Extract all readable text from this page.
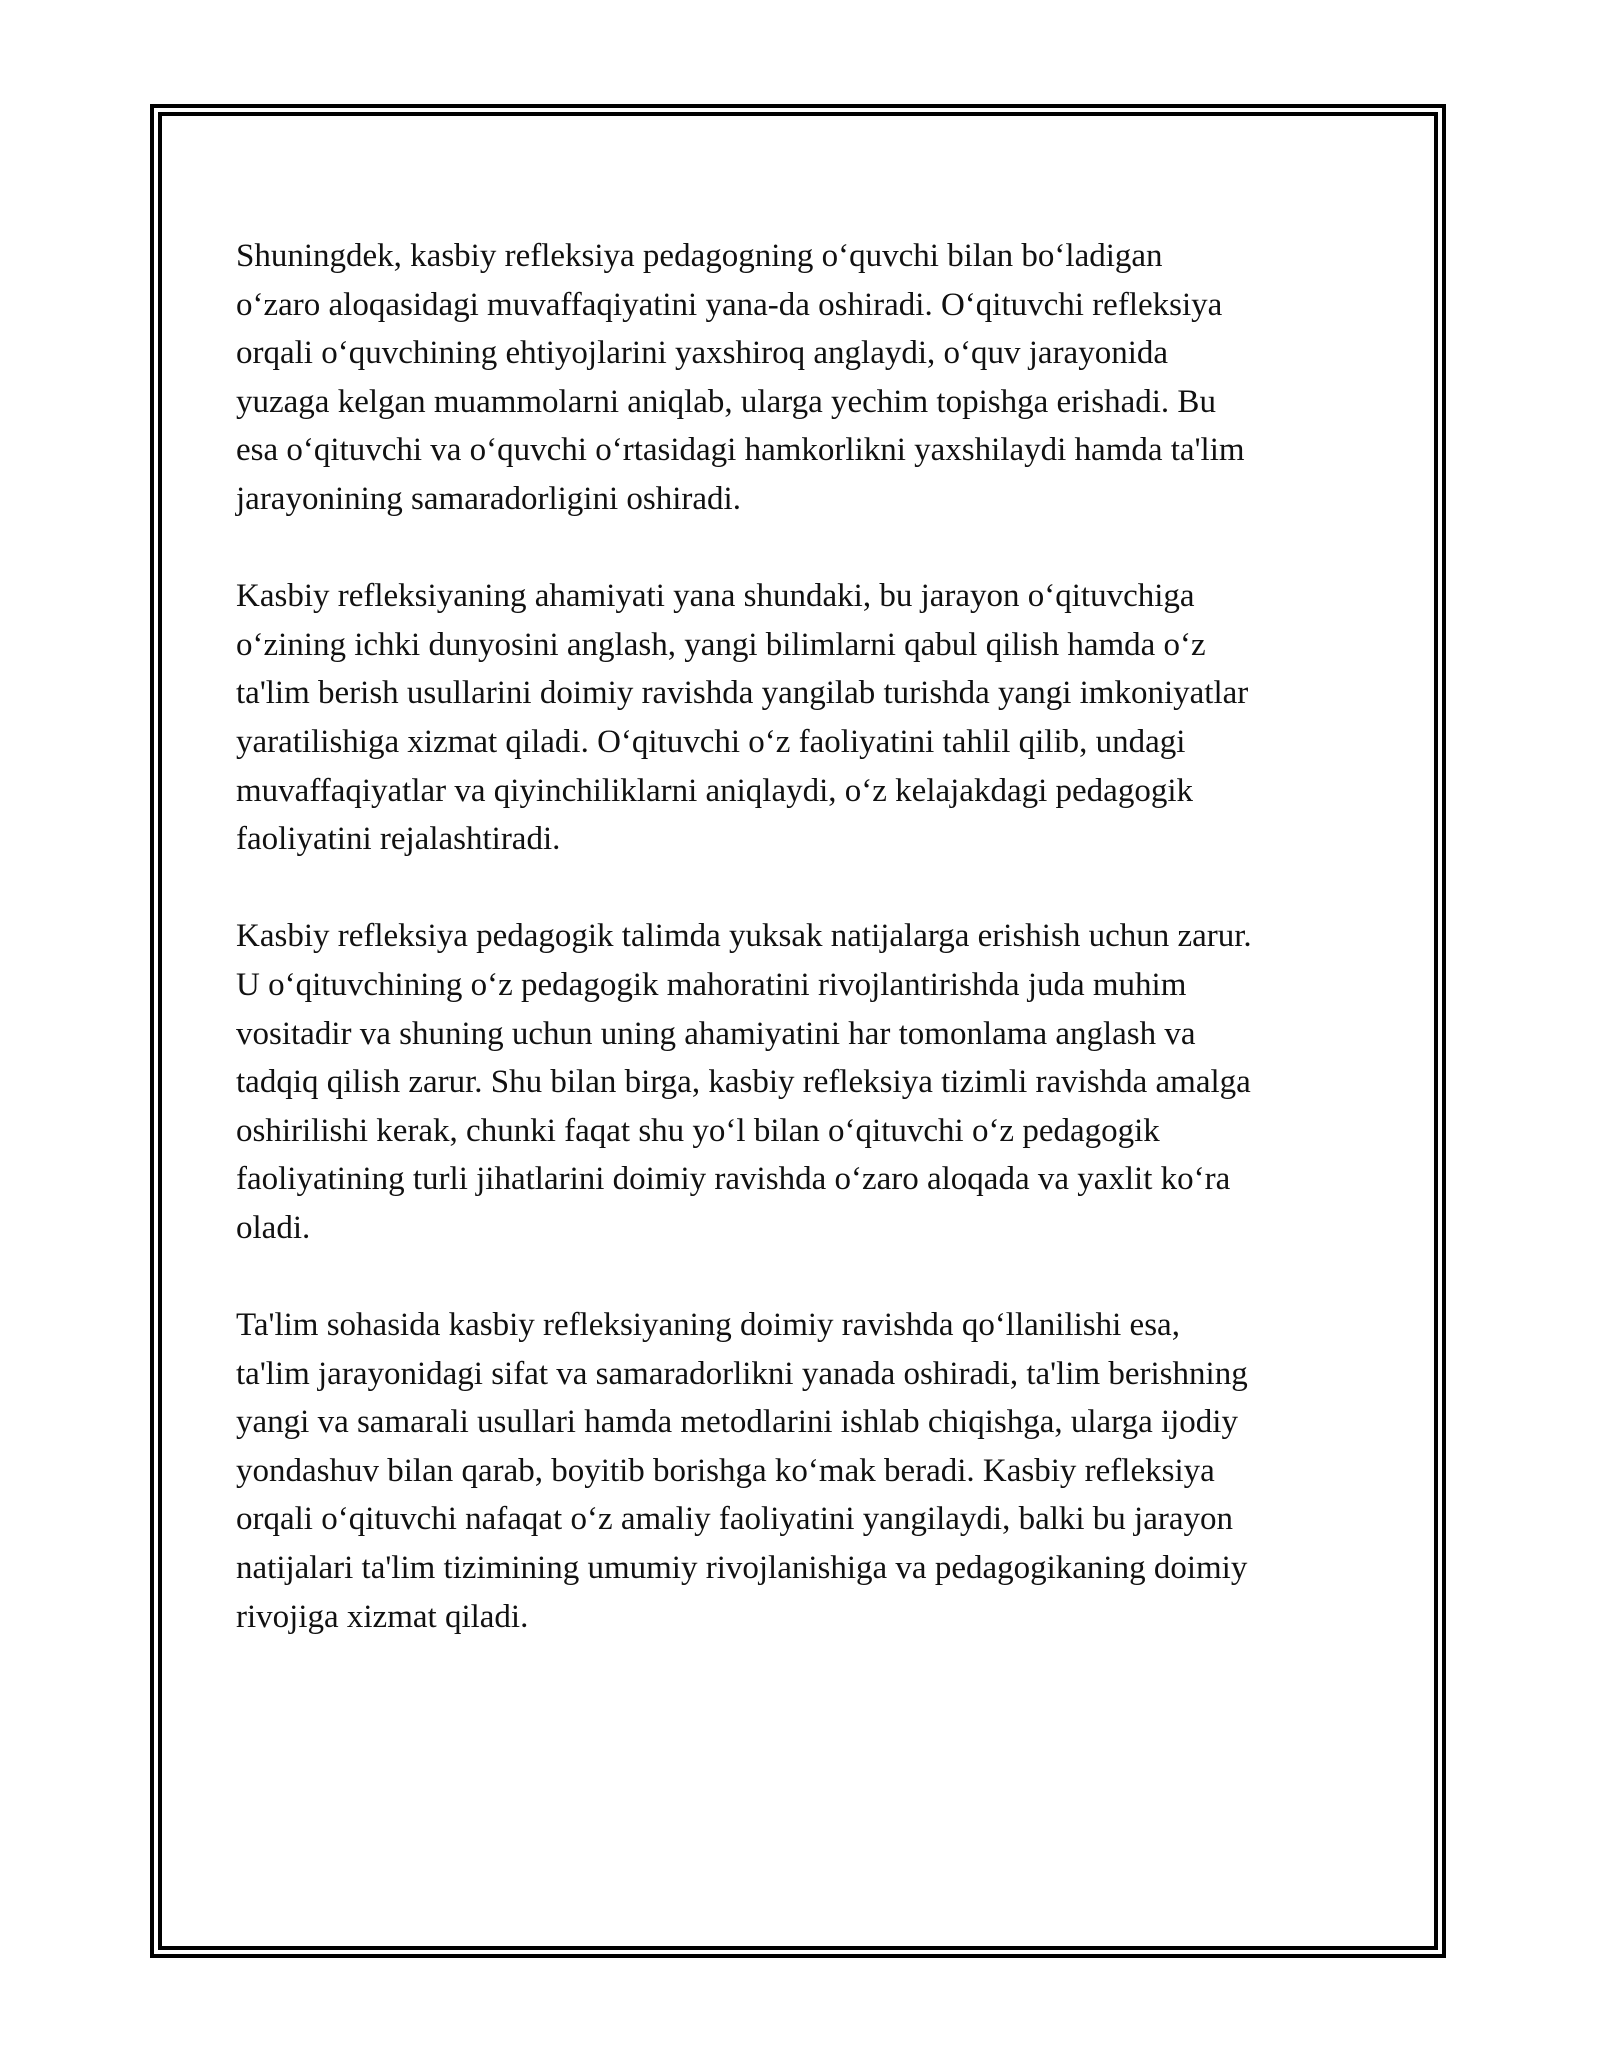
Shuningdek, kasbiy refleksiya pedagogning oʻquvchi bilan boʻladigan
oʻzaro aloqasidagi muvaffaqiyatini yana-da oshiradi. Oʻqituvchi refleksiya
orqali oʻquvchining ehtiyojlarini yaxshiroq anglaydi, oʻquv jarayonida
yuzaga kelgan muammolarni aniqlab, ularga yechim topishga erishadi. Bu
esa oʻqituvchi va oʻquvchi oʻrtasidagi hamkorlikni yaxshilaydi hamda ta'lim
jarayonining samaradorligini oshiradi.

Kasbiy refleksiyaning ahamiyati yana shundaki, bu jarayon oʻqituvchiga
oʻzining ichki dunyosini anglash, yangi bilimlarni qabul qilish hamda oʻz
ta'lim berish usullarini doimiy ravishda yangilab turishda yangi imkoniyatlar
yaratilishiga xizmat qiladi. Oʻqituvchi oʻz faoliyatini tahlil qilib, undagi
muvaffaqiyatlar va qiyinchiliklarni aniqlaydi, oʻz kelajakdagi pedagogik
faoliyatini rejalashtiradi.

Kasbiy refleksiya pedagogik talimda yuksak natijalarga erishish uchun zarur.
U oʻqituvchining oʻz pedagogik mahoratini rivojlantirishda juda muhim
vositadir va shuning uchun uning ahamiyatini har tomonlama anglash va
tadqiq qilish zarur. Shu bilan birga, kasbiy refleksiya tizimli ravishda amalga
oshirilishi kerak, chunki faqat shu yoʻl bilan oʻqituvchi oʻz pedagogik
faoliyatining turli jihatlarini doimiy ravishda oʻzaro aloqada va yaxlit koʻra
oladi.

Ta'lim sohasida kasbiy refleksiyaning doimiy ravishda qoʻllanilishi esa,
ta'lim jarayonidagi sifat va samaradorlikni yanada oshiradi, ta'lim berishning
yangi va samarali usullari hamda metodlarini ishlab chiqishga, ularga ijodiy
yondashuv bilan qarab, boyitib borishga koʻmak beradi. Kasbiy refleksiya
orqali oʻqituvchi nafaqat oʻz amaliy faoliyatini yangilaydi, balki bu jarayon
natijalari ta'lim tizimining umumiy rivojlanishiga va pedagogikaning doimiy
rivojiga xizmat qiladi.
